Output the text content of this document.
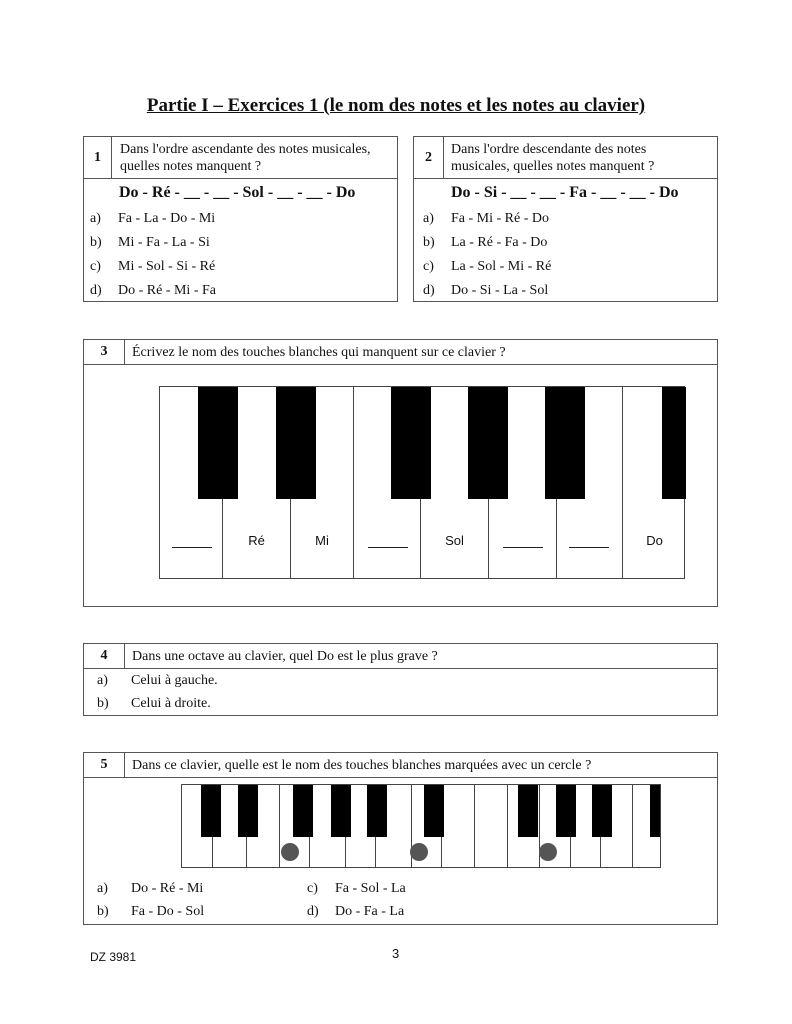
Partie I – Exercices 1 (le nom des notes et les notes au clavier)
1
Dans l'ordre ascendante des notes musicales, quelles notes manquent ?
Do - Ré - __ - __ - Sol - __ - __ - Do
a) Fa - La - Do - Mi
b) Mi - Fa - La - Si
c) Mi - Sol - Si - Ré
d) Do - Ré - Mi - Fa
2
Dans l'ordre descendante des notes musicales, quelles notes manquent ?
Do - Si - __ - __ - Fa - __ - __ - Do
a) Fa - Mi - Ré - Do
b) La - Ré - Fa - Do
c) La - Sol - Mi - Ré
d) Do - Si - La - Sol
3	Écrivez le nom des touches blanches qui manquent sur ce clavier ?
Ré	Mi	Sol	Do
4	Dans une octave au clavier, quel Do est le plus grave ?
a) Celui à gauche.
b) Celui à droite.
5	Dans ce clavier, quelle est le nom des touches blanches marquées avec un cercle ?
a) Do - Ré - Mi
b) Fa - Do - Sol
c) Fa - Sol - La
d) Do - Fa - La
DZ 3981	3
